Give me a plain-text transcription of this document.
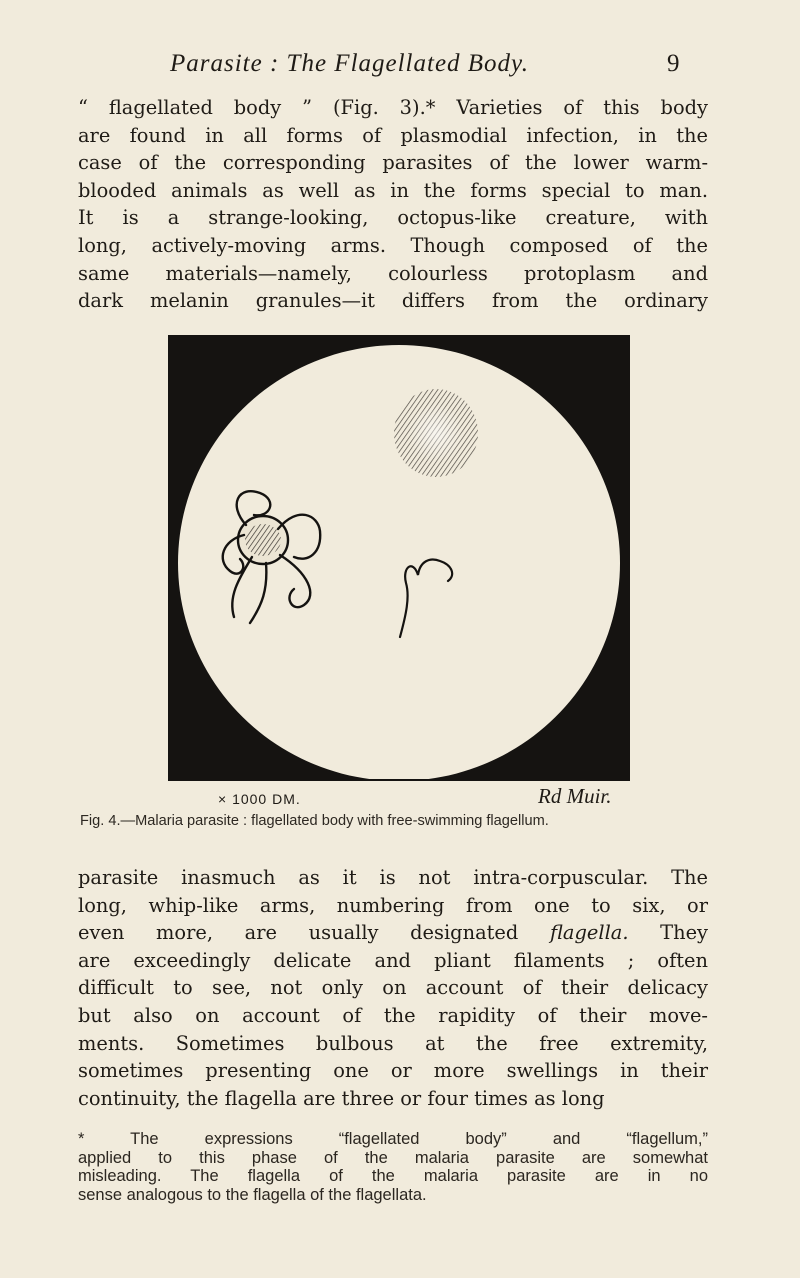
Parasite : The Flagellated Body.	9

“ flagellated body ” (Fig. 3).* Varieties of this body
are found in all forms of plasmodial infection, in the
case of the corresponding parasites of the lower warm-
blooded animals as well as in the forms special to man.
It is a strange-looking, octopus-like creature, with
long, actively-moving arms. Though composed of the
same materials—namely, colourless protoplasm and
dark melanin granules—it differs from the ordinary

× 1000 DM.	Rd Muir.
Fig. 4.—Malaria parasite : flagellated body with free-swimming flagellum.

parasite inasmuch as it is not intra-corpuscular. The
long, whip-like arms, numbering from one to six, or
even more, are usually designated flagella. They
are exceedingly delicate and pliant filaments ; often
difficult to see, not only on account of their delicacy
but also on account of the rapidity of their move-
ments. Sometimes bulbous at the free extremity,
sometimes presenting one or more swellings in their
continuity, the flagella are three or four times as long

* The expressions “flagellated body” and “flagellum,”
applied to this phase of the malaria parasite are somewhat
misleading. The flagella of the malaria parasite are in no
sense analogous to the flagella of the flagellata.
